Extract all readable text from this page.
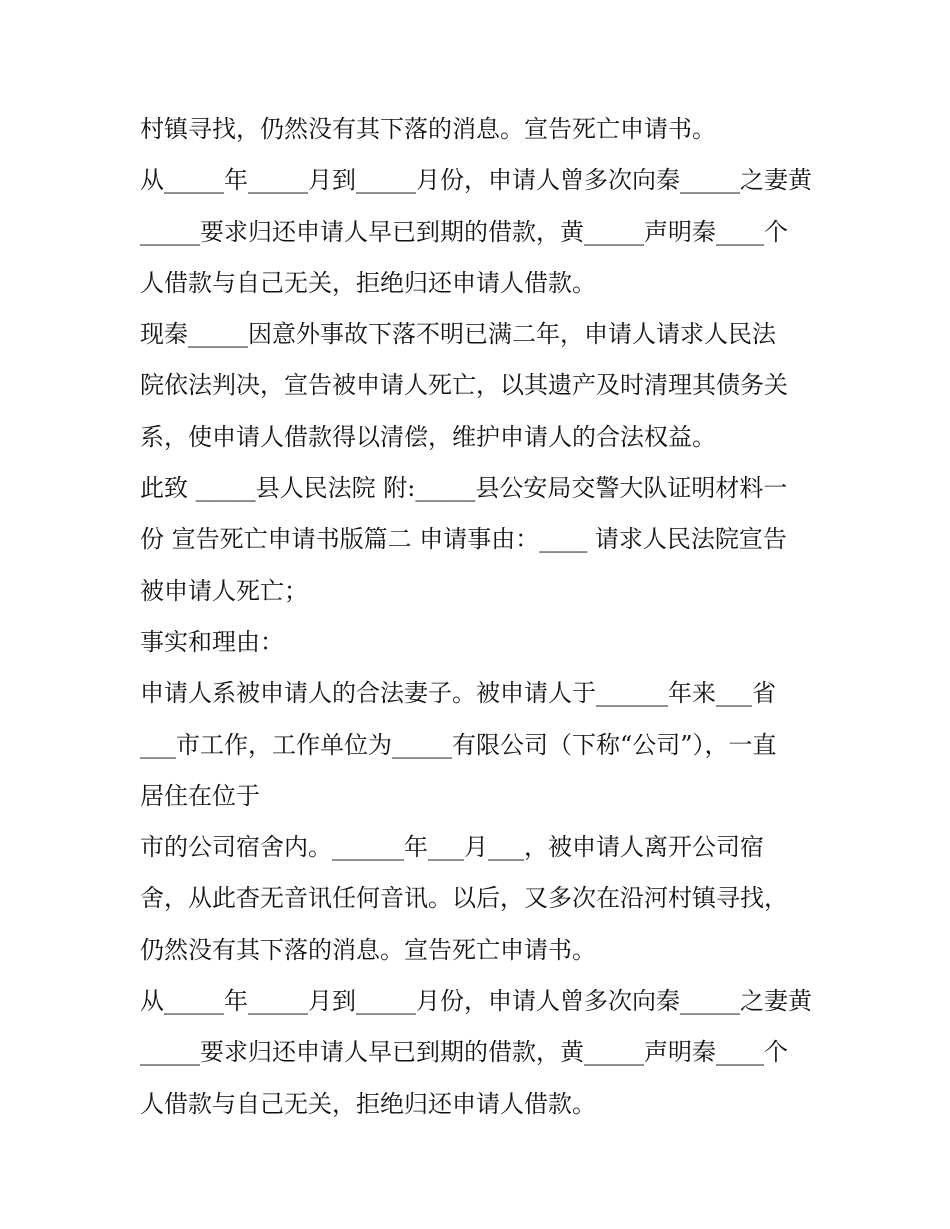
村镇寻找，仍然没有其下落的消息。宣告死亡申请书。
从_____年_____月到_____月份，申请人曾多次向秦_____之妻黄
_____要求归还申请人早已到期的借款，黄_____声明秦____个
人借款与自己无关，拒绝归还申请人借款。
现秦_____因意外事故下落不明已满二年，申请人请求人民法
院依法判决，宣告被申请人死亡，以其遗产及时清理其债务关
系，使申请人借款得以清偿，维护申请人的合法权益。
此致 _____县人民法院 附:_____县公安局交警大队证明材料一
份 宣告死亡申请书版篇二 申请事由：____ 请求人民法院宣告
被申请人死亡；
事实和理由：
申请人系被申请人的合法妻子。被申请人于______年来___省
___市工作，工作单位为_____有限公司（下称“公司”），一直
居住在位于
市的公司宿舍内。______年___月___，被申请人离开公司宿
舍，从此杳无音讯任何音讯。以后，又多次在沿河村镇寻找，
仍然没有其下落的消息。宣告死亡申请书。
从_____年_____月到_____月份，申请人曾多次向秦_____之妻黄
_____要求归还申请人早已到期的借款，黄_____声明秦____个
人借款与自己无关，拒绝归还申请人借款。
